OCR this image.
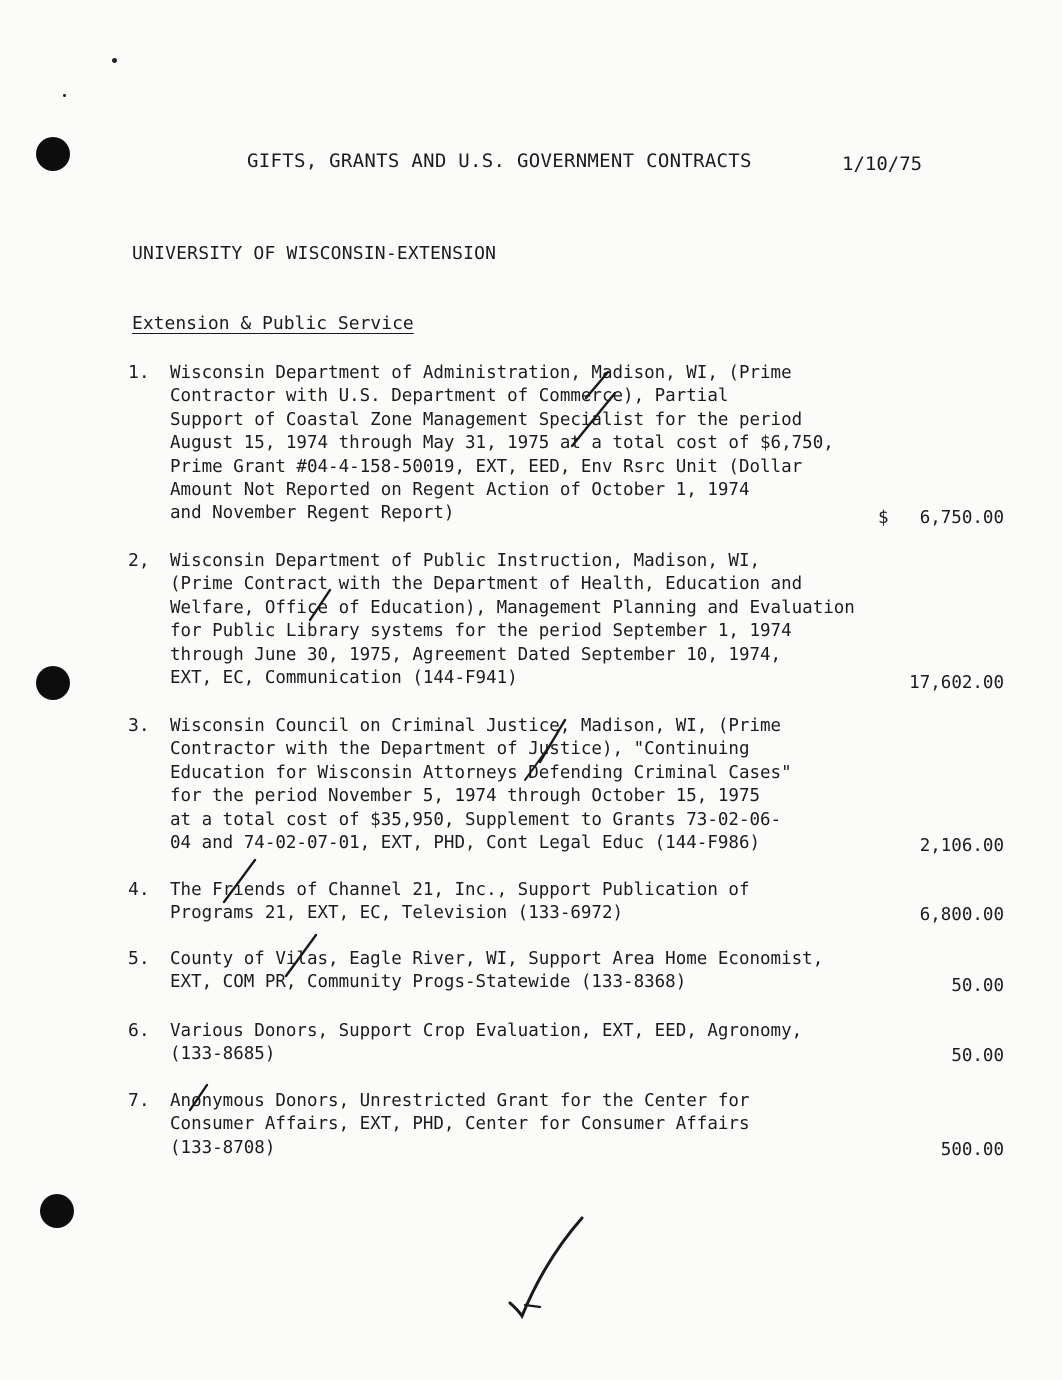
GIFTS, GRANTS AND U.S. GOVERNMENT CONTRACTS	1/10/75
UNIVERSITY OF WISCONSIN-EXTENSION
Extension & Public Service
1. Wisconsin Department of Administration, Madison, WI, (Prime
Contractor with U.S. Department of Commerce), Partial
Support of Coastal Zone Management Specialist for the period
August 15, 1974 through May 31, 1975 at a total cost of $6,750,
Prime Grant #04-4-158-50019, EXT, EED, Env Rsrc Unit (Dollar
Amount Not Reported on Regent Action of October 1, 1974
and November Regent Report)	$ 6,750.00
2, Wisconsin Department of Public Instruction, Madison, WI,
(Prime Contract with the Department of Health, Education and
Welfare, Office of Education), Management Planning and Evaluation
for Public Library systems for the period September 1, 1974
through June 30, 1975, Agreement Dated September 10, 1974,
EXT, EC, Communication (144-F941)	17,602.00
3. Wisconsin Council on Criminal Justice, Madison, WI, (Prime
Contractor with the Department of Justice), "Continuing
Education for Wisconsin Attorneys Defending Criminal Cases"
for the period November 5, 1974 through October 15, 1975
at a total cost of $35,950, Supplement to Grants 73-02-06-
04 and 74-02-07-01, EXT, PHD, Cont Legal Educ (144-F986)	2,106.00
4. The Friends of Channel 21, Inc., Support Publication of
Programs 21, EXT, EC, Television (133-6972)	6,800.00
5. County of Vilas, Eagle River, WI, Support Area Home Economist,
EXT, COM PR, Community Progs-Statewide (133-8368)	50.00
6. Various Donors, Support Crop Evaluation, EXT, EED, Agronomy,
(133-8685)	50.00
7. Anonymous Donors, Unrestricted Grant for the Center for
Consumer Affairs, EXT, PHD, Center for Consumer Affairs
(133-8708)	500.00
